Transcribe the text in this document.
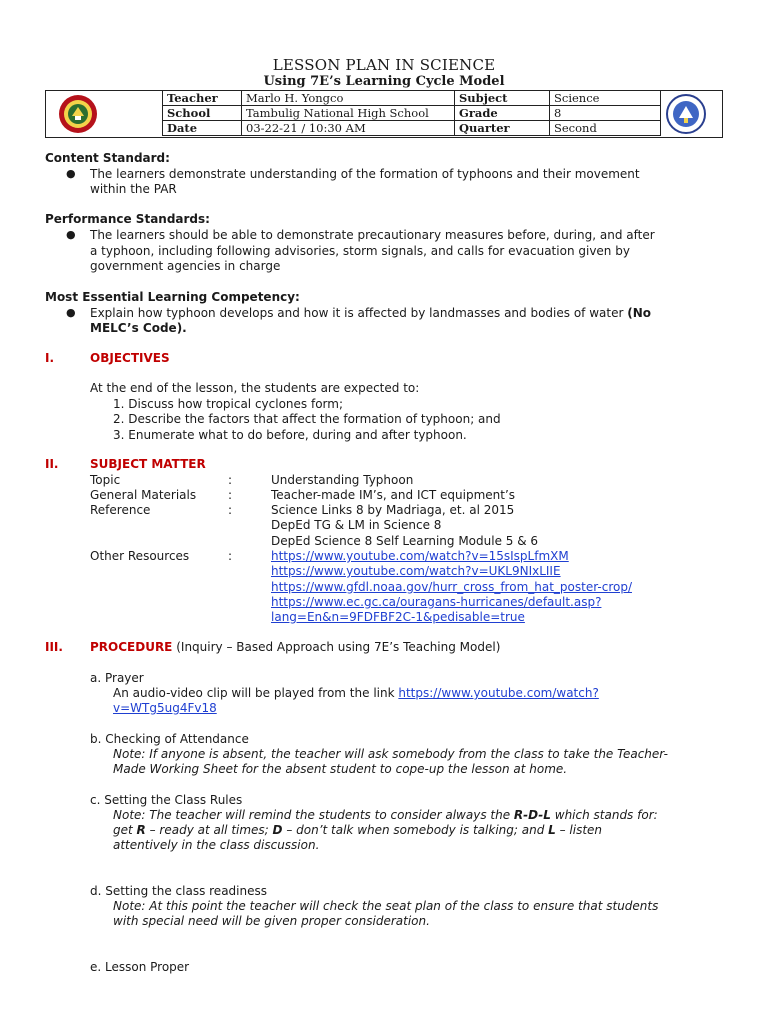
LESSON PLAN IN SCIENCE
Using 7E’s Learning Cycle Model
Teacher	Marlo H. Yongco	Subject	Science
School	Tambulig National High School	Grade	8
Date	03-22-21 / 10:30 AM	Quarter	Second
Content Standard:
● The learners demonstrate understanding of the formation of typhoons and their movement
within the PAR
Performance Standards:
● The learners should be able to demonstrate precautionary measures before, during, and after
a typhoon, including following advisories, storm signals, and calls for evacuation given by
government agencies in charge
Most Essential Learning Competency:
● Explain how typhoon develops and how it is affected by landmasses and bodies of water (No
MELC’s Code).
I.	OBJECTIVES
At the end of the lesson, the students are expected to:
1. Discuss how tropical cyclones form;
2. Describe the factors that affect the formation of typhoon; and
3. Enumerate what to do before, during and after typhoon.
II.	SUBJECT MATTER
Topic	:	Understanding Typhoon
General Materials	:	Teacher-made IM’s, and ICT equipment’s
Reference	:	Science Links 8 by Madriaga, et. al 2015
DepEd TG & LM in Science 8
DepEd Science 8 Self Learning Module 5 & 6
Other Resources	:	https://www.youtube.com/watch?v=15sIspLfmXM
https://www.youtube.com/watch?v=UKL9NIxLIIE
https://www.gfdl.noaa.gov/hurr_cross_from_hat_poster-crop/
https://www.ec.gc.ca/ouragans-hurricanes/default.asp?
lang=En&n=9FDFBF2C-1&pedisable=true
III. PROCEDURE (Inquiry – Based Approach using 7E’s Teaching Model)
a. Prayer
An audio-video clip will be played from the link https://www.youtube.com/watch?
v=WTg5ug4Fv18
b. Checking of Attendance
Note: If anyone is absent, the teacher will ask somebody from the class to take the Teacher-
Made Working Sheet for the absent student to cope-up the lesson at home.
c. Setting the Class Rules
Note: The teacher will remind the students to consider always the R-D-L which stands for:
get R – ready at all times; D – don’t talk when somebody is talking; and L – listen
attentively in the class discussion.
d. Setting the class readiness
Note: At this point the teacher will check the seat plan of the class to ensure that students
with special need will be given proper consideration.
e. Lesson Proper
